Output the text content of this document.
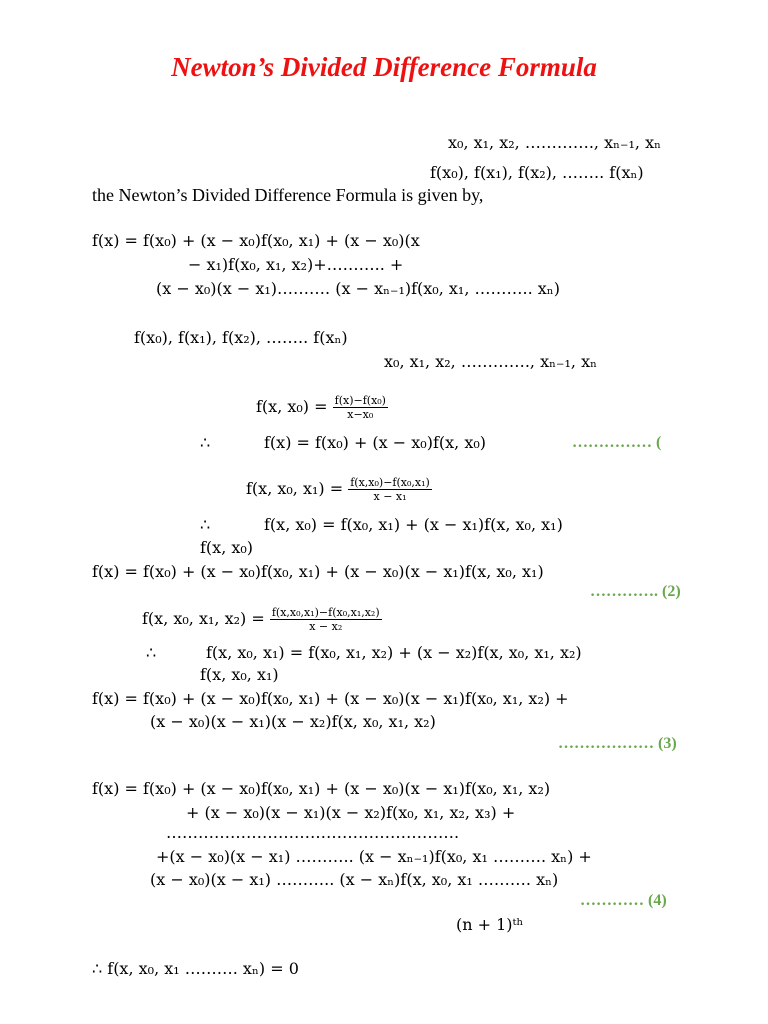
Newton’s Divided Difference Formula
x₀, x₁, x₂, …………., xₙ₋₁, xₙ
f(x₀), f(x₁), f(x₂), …….. f(xₙ)
the Newton’s Divided Difference Formula is given by,
f(x) = f(x₀) + (x − x₀)f(x₀, x₁) + (x − x₀)(x
− x₁)f(x₀, x₁, x₂)+……….. +
(x − x₀)(x − x₁)………. (x − xₙ₋₁)f(x₀, x₁, ……….. xₙ)
f(x₀), f(x₁), f(x₂), …….. f(xₙ)
x₀, x₁, x₂, …………., xₙ₋₁, xₙ
f(x, $x_0) = \frac{\text{f(x)−f(x₀)}}{\text{x−x₀}}$
∴	f(x) = f(x₀) + (x − x₀)f(x, x₀)	…………… (
f(x, x₀, $x_1) = \frac{\text{f(x,x₀)−f(x₀,x₁)}}{\text{x − x₁}}$
∴	f(x, x₀) = f(x₀, x₁) + (x − x₁)f(x, x₀, x₁)
f(x, x₀)
f(x) = f(x₀) + (x − x₀)f(x₀, x₁) + (x − x₀)(x − x₁)f(x, x₀, x₁)
…………. (2)
f(x, x₀, x₁, $x_2) = \frac{\text{f(x,x₀,x₁)−f(x₀,x₁,x₂)}}{\text{x − x₂}}$
∴	f(x, x₀, x₁) = f(x₀, x₁, x₂) + (x − x₂)f(x, x₀, x₁, x₂)
f(x, x₀, x₁)
f(x) = f(x₀) + (x − x₀)f(x₀, x₁) + (x − x₀)(x − x₁)f(x₀, x₁, x₂) +
(x − x₀)(x − x₁)(x − x₂)f(x, x₀, x₁, x₂)
……………… (3)
f(x) = f(x₀) + (x − x₀)f(x₀, x₁) + (x − x₀)(x − x₁)f(x₀, x₁, x₂)
+ (x − x₀)(x − x₁)(x − x₂)f(x₀, x₁, x₂, x₃) +
……………………………………………….
+(x − x₀)(x − x₁) ……….. (x − xₙ₋₁)f(x₀, x₁ ………. xₙ) +
(x − x₀)(x − x₁) ……….. (x − xₙ)f(x, x₀, x₁ ………. xₙ)
………… (4)
(n + 1)ᵗʰ
∴ f(x, x₀, x₁ ………. xₙ) = 0
